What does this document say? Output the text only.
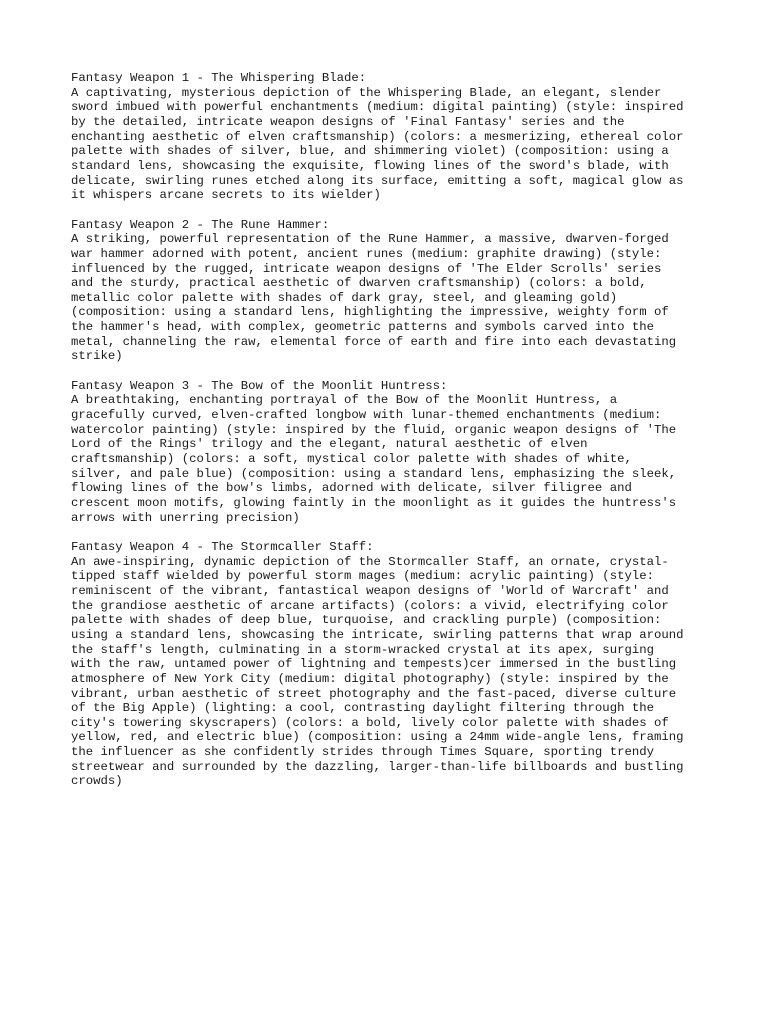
Fantasy Weapon 1 - The Whispering Blade:
A captivating, mysterious depiction of the Whispering Blade, an elegant, slender
sword imbued with powerful enchantments (medium: digital painting) (style: inspired
by the detailed, intricate weapon designs of 'Final Fantasy' series and the
enchanting aesthetic of elven craftsmanship) (colors: a mesmerizing, ethereal color
palette with shades of silver, blue, and shimmering violet) (composition: using a
standard lens, showcasing the exquisite, flowing lines of the sword's blade, with
delicate, swirling runes etched along its surface, emitting a soft, magical glow as
it whispers arcane secrets to its wielder)
Fantasy Weapon 2 - The Rune Hammer:
A striking, powerful representation of the Rune Hammer, a massive, dwarven-forged
war hammer adorned with potent, ancient runes (medium: graphite drawing) (style:
influenced by the rugged, intricate weapon designs of 'The Elder Scrolls' series
and the sturdy, practical aesthetic of dwarven craftsmanship) (colors: a bold,
metallic color palette with shades of dark gray, steel, and gleaming gold)
(composition: using a standard lens, highlighting the impressive, weighty form of
the hammer's head, with complex, geometric patterns and symbols carved into the
metal, channeling the raw, elemental force of earth and fire into each devastating
strike)
Fantasy Weapon 3 - The Bow of the Moonlit Huntress:
A breathtaking, enchanting portrayal of the Bow of the Moonlit Huntress, a
gracefully curved, elven-crafted longbow with lunar-themed enchantments (medium:
watercolor painting) (style: inspired by the fluid, organic weapon designs of 'The
Lord of the Rings' trilogy and the elegant, natural aesthetic of elven
craftsmanship) (colors: a soft, mystical color palette with shades of white,
silver, and pale blue) (composition: using a standard lens, emphasizing the sleek,
flowing lines of the bow's limbs, adorned with delicate, silver filigree and
crescent moon motifs, glowing faintly in the moonlight as it guides the huntress's
arrows with unerring precision)
Fantasy Weapon 4 - The Stormcaller Staff:
An awe-inspiring, dynamic depiction of the Stormcaller Staff, an ornate, crystal-
tipped staff wielded by powerful storm mages (medium: acrylic painting) (style:
reminiscent of the vibrant, fantastical weapon designs of 'World of Warcraft' and
the grandiose aesthetic of arcane artifacts) (colors: a vivid, electrifying color
palette with shades of deep blue, turquoise, and crackling purple) (composition:
using a standard lens, showcasing the intricate, swirling patterns that wrap around
the staff's length, culminating in a storm-wracked crystal at its apex, surging
with the raw, untamed power of lightning and tempests)cer immersed in the bustling
atmosphere of New York City (medium: digital photography) (style: inspired by the
vibrant, urban aesthetic of street photography and the fast-paced, diverse culture
of the Big Apple) (lighting: a cool, contrasting daylight filtering through the
city's towering skyscrapers) (colors: a bold, lively color palette with shades of
yellow, red, and electric blue) (composition: using a 24mm wide-angle lens, framing
the influencer as she confidently strides through Times Square, sporting trendy
streetwear and surrounded by the dazzling, larger-than-life billboards and bustling
crowds)
